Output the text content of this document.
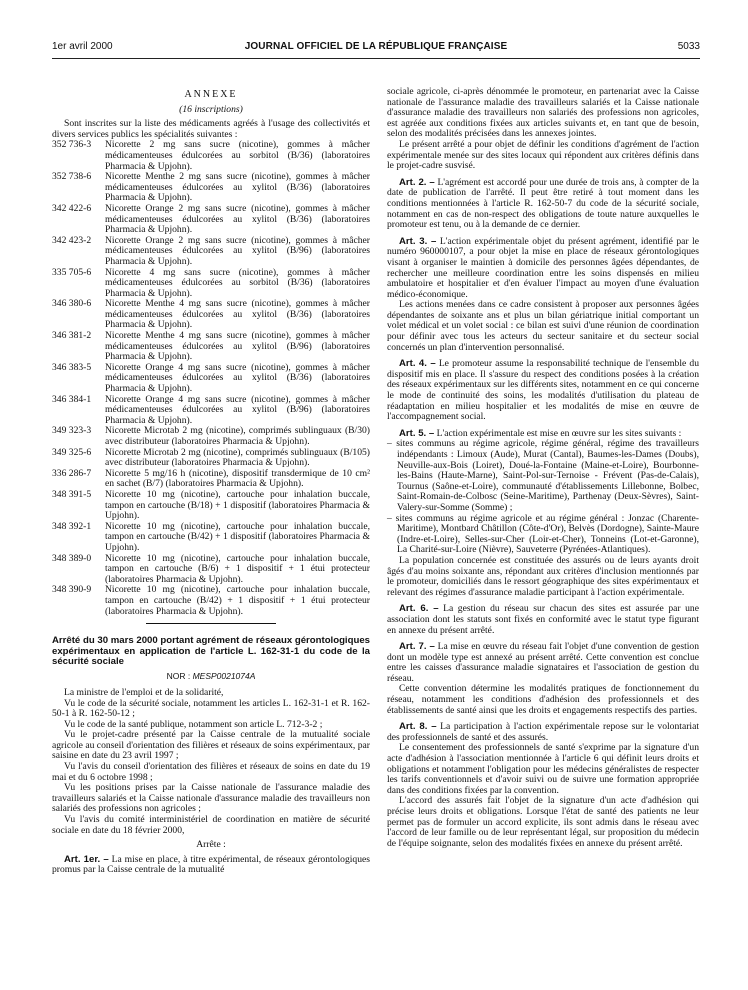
1er avril 2000	JOURNAL OFFICIEL DE LA RÉPUBLIQUE FRANÇAISE	5033

ANNEXE

(16 inscriptions)

Sont inscrites sur la liste des médicaments agréés à l'usage des collectivités et divers services publics les spécialités suivantes :

352 736-3	Nicorette 2 mg sans sucre (nicotine), gommes à mâcher médicamenteuses édulcorées au sorbitol (B/36) (laboratoires Pharmacia & Upjohn).
352 738-6	Nicorette Menthe 2 mg sans sucre (nicotine), gommes à mâcher médicamenteuses édulcorées au xylitol (B/36) (laboratoires Pharmacia & Upjohn).
342 422-6	Nicorette Orange 2 mg sans sucre (nicotine), gommes à mâcher médicamenteuses édulcorées au xylitol (B/36) (laboratoires Pharmacia & Upjohn).
342 423-2	Nicorette Orange 2 mg sans sucre (nicotine), gommes à mâcher médicamenteuses édulcorées au xylitol (B/96) (laboratoires Pharmacia & Upjohn).
335 705-6	Nicorette 4 mg sans sucre (nicotine), gommes à mâcher médicamenteuses édulcorées au sorbitol (B/36) (laboratoires Pharmacia & Upjohn).
346 380-6	Nicorette Menthe 4 mg sans sucre (nicotine), gommes à mâcher médicamenteuses édulcorées au xylitol (B/36) (laboratoires Pharmacia & Upjohn).
346 381-2	Nicorette Menthe 4 mg sans sucre (nicotine), gommes à mâcher médicamenteuses édulcorées au xylitol (B/96) (laboratoires Pharmacia & Upjohn).
346 383-5	Nicorette Orange 4 mg sans sucre (nicotine), gommes à mâcher médicamenteuses édulcorées au xylitol (B/36) (laboratoires Pharmacia & Upjohn).
346 384-1	Nicorette Orange 4 mg sans sucre (nicotine), gommes à mâcher médicamenteuses édulcorées au xylitol (B/96) (laboratoires Pharmacia & Upjohn).
349 323-3	Nicorette Microtab 2 mg (nicotine), comprimés sublinguaux (B/30) avec distributeur (laboratoires Pharmacia & Upjohn).
349 325-6	Nicorette Microtab 2 mg (nicotine), comprimés sublinguaux (B/105) avec distributeur (laboratoires Pharmacia & Upjohn).
336 286-7	Nicorette 5 mg/16 h (nicotine), dispositif transdermique de 10 cm² en sachet (B/7) (laboratoires Pharmacia & Upjohn).
348 391-5	Nicorette 10 mg (nicotine), cartouche pour inhalation buccale, tampon en cartouche (B/18) + 1 dispositif (laboratoires Pharmacia & Upjohn).
348 392-1	Nicorette 10 mg (nicotine), cartouche pour inhalation buccale, tampon en cartouche (B/42) + 1 dispositif (laboratoires Pharmacia & Upjohn).
348 389-0	Nicorette 10 mg (nicotine), cartouche pour inhalation buccale, tampon en cartouche (B/6) + 1 dispositif + 1 étui protecteur (laboratoires Pharmacia & Upjohn).
348 390-9	Nicorette 10 mg (nicotine), cartouche pour inhalation buccale, tampon en cartouche (B/42) + 1 dispositif + 1 étui protecteur (laboratoires Pharmacia & Upjohn).

Arrêté du 30 mars 2000 portant agrément de réseaux gérontologiques expérimentaux en application de l'article L. 162-31-1 du code de la sécurité sociale

NOR : MESP0021074A

La ministre de l'emploi et de la solidarité,

Vu le code de la sécurité sociale, notamment les articles L. 162-31-1 et R. 162-50-1 à R. 162-50-12 ;

Vu le code de la santé publique, notamment son article L. 712-3-2 ;

Vu le projet-cadre présenté par la Caisse centrale de la mutualité sociale agricole au conseil d'orientation des filières et réseaux de soins expérimentaux, par saisine en date du 23 avril 1997 ;

Vu l'avis du conseil d'orientation des filières et réseaux de soins en date du 19 mai et du 6 octobre 1998 ;

Vu les positions prises par la Caisse nationale de l'assurance maladie des travailleurs salariés et la Caisse nationale d'assurance maladie des travailleurs non salariés des professions non agricoles ;

Vu l'avis du comité interministériel de coordination en matière de sécurité sociale en date du 18 février 2000,

Arrête :

Art. 1er. – La mise en place, à titre expérimental, de réseaux gérontologiques promus par la Caisse centrale de la mutualité

sociale agricole, ci-après dénommée le promoteur, en partenariat avec la Caisse nationale de l'assurance maladie des travailleurs salariés et la Caisse nationale d'assurance maladie des travailleurs non salariés des professions non agricoles, est agréée aux conditions fixées aux articles suivants et, en tant que de besoin, selon des modalités précisées dans les annexes jointes.

Le présent arrêté a pour objet de définir les conditions d'agrément de l'action expérimentale menée sur des sites locaux qui répondent aux critères définis dans le projet-cadre susvisé.

Art. 2. – L'agrément est accordé pour une durée de trois ans, à compter de la date de publication de l'arrêté. Il peut être retiré à tout moment dans les conditions mentionnées à l'article R. 162-50-7 du code de la sécurité sociale, notamment en cas de non-respect des obligations de toute nature auxquelles le promoteur est tenu, ou à la demande de ce dernier.

Art. 3. – L'action expérimentale objet du présent agrément, identifié par le numéro 960000107, a pour objet la mise en place de réseaux gérontologiques visant à organiser le maintien à domicile des personnes âgées dépendantes, de rechercher une meilleure coordination entre les soins dispensés en milieu ambulatoire et hospitalier et d'en évaluer l'impact au moyen d'une évaluation médico-économique.

Les actions menées dans ce cadre consistent à proposer aux personnes âgées dépendantes de soixante ans et plus un bilan gériatrique initial comportant un volet médical et un volet social : ce bilan est suivi d'une réunion de coordination pour définir avec tous les acteurs du secteur sanitaire et du secteur social concernés un plan d'intervention personnalisé.

Art. 4. – Le promoteur assume la responsabilité technique de l'ensemble du dispositif mis en place. Il s'assure du respect des conditions posées à la création des réseaux expérimentaux sur les différents sites, notamment en ce qui concerne le mode de continuité des soins, les modalités d'utilisation du plateau de réadaptation en milieu hospitalier et les modalités de mise en œuvre de l'accompagnement social.

Art. 5. – L'action expérimentale est mise en œuvre sur les sites suivants :

– sites communs au régime agricole, régime général, régime des travailleurs indépendants : Limoux (Aude), Murat (Cantal), Baumes-les-Dames (Doubs), Neuville-aux-Bois (Loiret), Doué-la-Fontaine (Maine-et-Loire), Bourbonne-les-Bains (Haute-Marne), Saint-Pol-sur-Ternoise - Frévent (Pas-de-Calais), Tournus (Saône-et-Loire), communauté d'établissements Lillebonne, Bolbec, Saint-Romain-de-Colbosc (Seine-Maritime), Parthenay (Deux-Sèvres), Saint-Valery-sur-Somme (Somme) ;

– sites communs au régime agricole et au régime général : Jonzac (Charente-Maritime), Montbard Châtillon (Côte-d'Or), Belvès (Dordogne), Sainte-Maure (Indre-et-Loire), Selles-sur-Cher (Loir-et-Cher), Tonneins (Lot-et-Garonne), La Charité-sur-Loire (Nièvre), Sauveterre (Pyrénées-Atlantiques).

La population concernée est constituée des assurés ou de leurs ayants droit âgés d'au moins soixante ans, répondant aux critères d'inclusion mentionnés par le promoteur, domiciliés dans le ressort géographique des sites expérimentaux et relevant des régimes d'assurance maladie participant à l'action expérimentale.

Art. 6. – La gestion du réseau sur chacun des sites est assurée par une association dont les statuts sont fixés en conformité avec le statut type figurant en annexe du présent arrêté.

Art. 7. – La mise en œuvre du réseau fait l'objet d'une convention de gestion dont un modèle type est annexé au présent arrêté. Cette convention est conclue entre les caisses d'assurance maladie signataires et l'association de gestion du réseau.

Cette convention détermine les modalités pratiques de fonctionnement du réseau, notamment les conditions d'adhésion des professionnels et des établissements de santé ainsi que les droits et engagements respectifs des parties.

Art. 8. – La participation à l'action expérimentale repose sur le volontariat des professionnels de santé et des assurés.

Le consentement des professionnels de santé s'exprime par la signature d'un acte d'adhésion à l'association mentionnée à l'article 6 qui définit leurs droits et obligations et notamment l'obligation pour les médecins généralistes de respecter les tarifs conventionnels et d'avoir suivi ou de suivre une formation appropriée dans des conditions fixées par la convention.

L'accord des assurés fait l'objet de la signature d'un acte d'adhésion qui précise leurs droits et obligations. Lorsque l'état de santé des patients ne leur permet pas de formuler un accord explicite, ils sont admis dans le réseau avec l'accord de leur famille ou de leur représentant légal, sur proposition du médecin de l'équipe soignante, selon des modalités fixées en annexe du présent arrêté.
